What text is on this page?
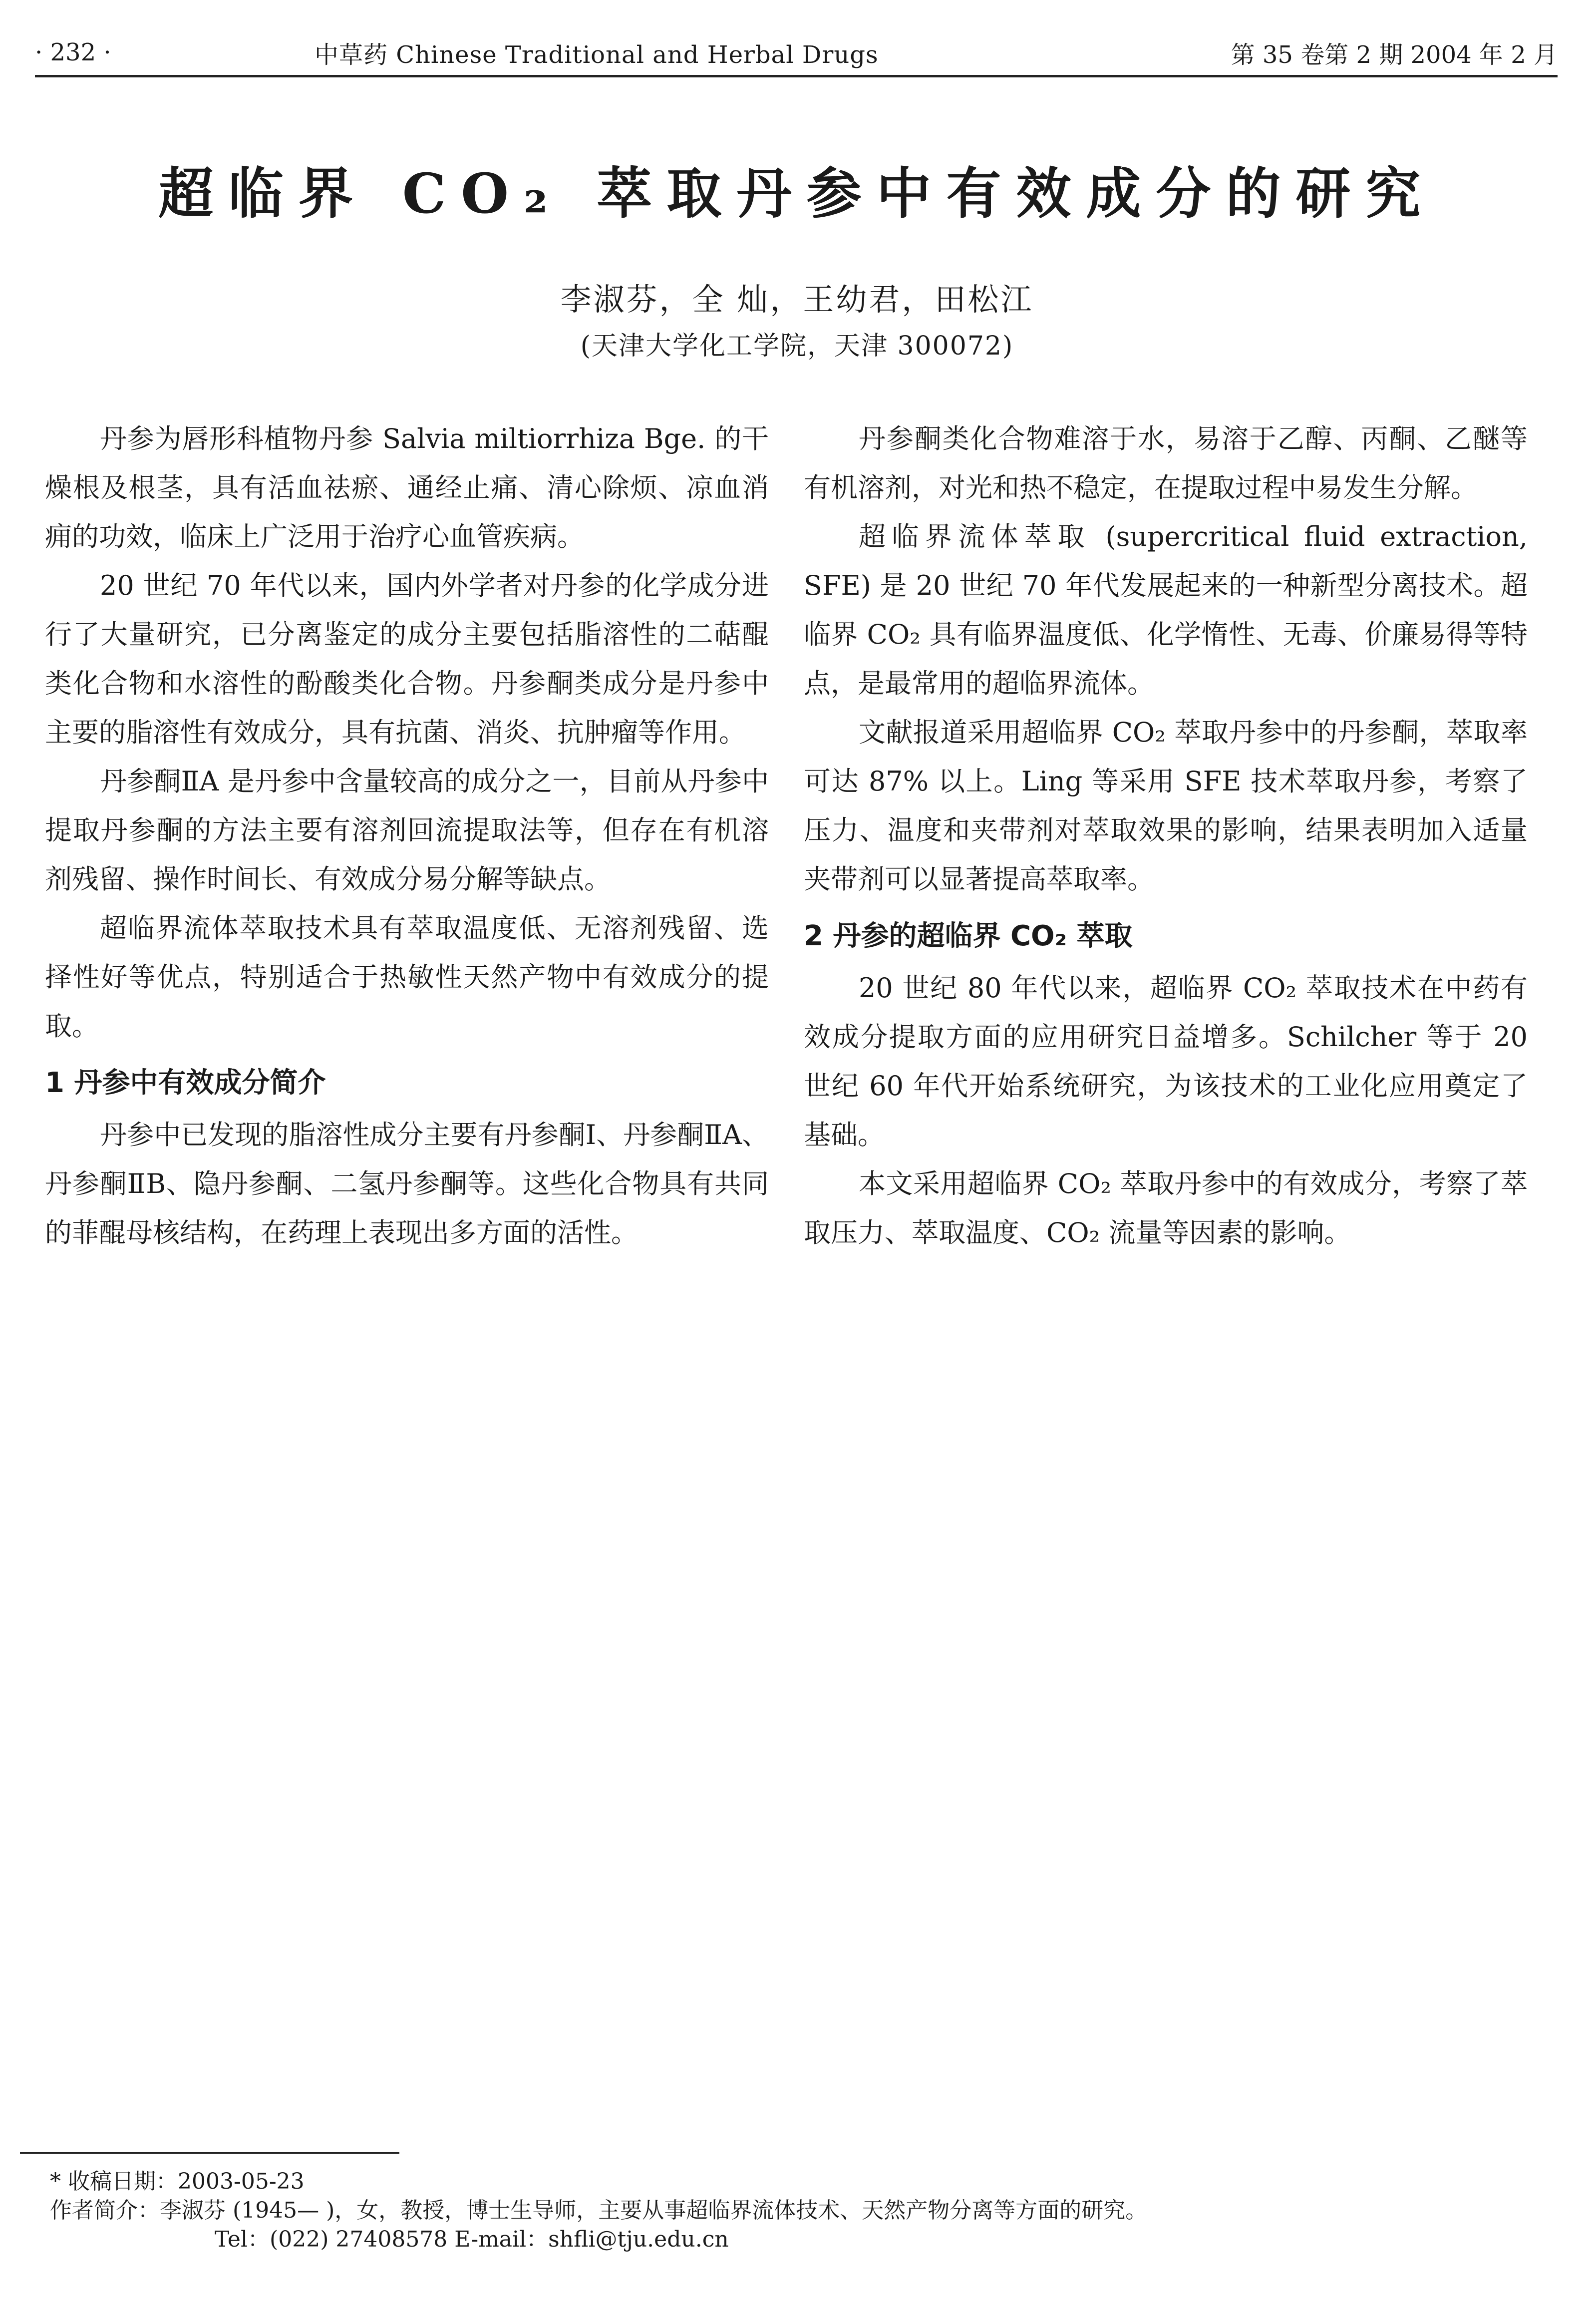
· 232 ·	中草药 Chinese Traditional and Herbal Drugs	第 35 卷第 2 期 2004 年 2 月
超临界 CO₂ 萃取丹参中有效成分的研究
李淑芬，全 灿，王幼君，田松江
(天津大学化工学院，天津 300072)

丹参为唇形科植物丹参 Salvia miltiorrhiza Bge. 的干燥根及根茎，具有活血祛瘀、通经止痛、清心除烦、凉血消痈的功效，临床上广泛用于治疗心血管疾病。

20 世纪 70 年代以来，国内外学者对丹参的化学成分进行了大量研究，已分离鉴定的成分主要包括脂溶性的二萜醌类化合物和水溶性的酚酸类化合物。丹参酮类成分是丹参中主要的脂溶性有效成分，具有抗菌、消炎、抗肿瘤等作用。

丹参酮ⅡA 是丹参中含量较高的成分之一，目前从丹参中提取丹参酮的方法主要有溶剂回流提取法等，但存在有机溶剂残留、操作时间长、有效成分易分解等缺点。

超临界流体萃取技术具有萃取温度低、无溶剂残留、选择性好等优点，特别适合于热敏性天然产物中有效成分的提取。

1 丹参中有效成分简介

丹参中已发现的脂溶性成分主要有丹参酮Ⅰ、丹参酮ⅡA、丹参酮ⅡB、隐丹参酮、二氢丹参酮等。这些化合物具有共同的菲醌母核结构，在药理上表现出多方面的活性。

丹参酮类化合物难溶于水，易溶于乙醇、丙酮、乙醚等有机溶剂，对光和热不稳定，在提取过程中易发生分解。

超临界流体萃取 (supercritical fluid extraction, SFE) 是 20 世纪 70 年代发展起来的一种新型分离技术。超临界 CO₂ 具有临界温度低、化学惰性、无毒、价廉易得等特点，是最常用的超临界流体。

文献报道采用超临界 CO₂ 萃取丹参中的丹参酮，萃取率可达 87% 以上。Ling 等采用 SFE 技术萃取丹参，考察了压力、温度和夹带剂对萃取效果的影响，结果表明加入适量夹带剂可以显著提高萃取率。

2 丹参的超临界 CO₂ 萃取

20 世纪 80 年代以来，超临界 CO₂ 萃取技术在中药有效成分提取方面的应用研究日益增多。Schilcher 等于 20 世纪 60 年代开始系统研究，为该技术的工业化应用奠定了基础。

本文采用超临界 CO₂ 萃取丹参中的有效成分，考察了萃取压力、萃取温度、CO₂ 流量等因素的影响。

* 收稿日期：2003-05-23
作者简介：李淑芬 (1945— )，女，教授，博士生导师，主要从事超临界流体技术、天然产物分离等方面的研究。
Tel：(022) 27408578 E-mail：shfli@tju.edu.cn
